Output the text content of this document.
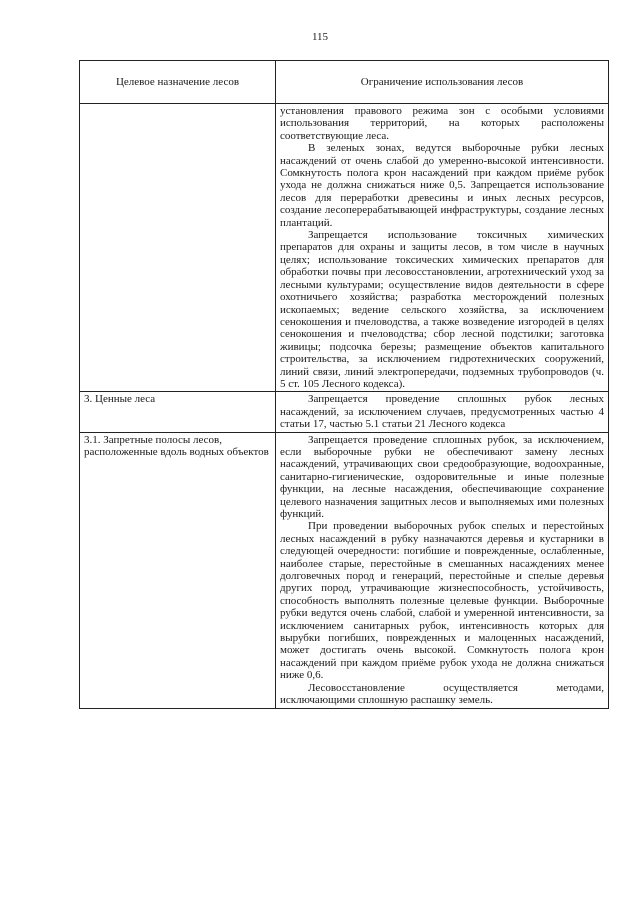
115
Целевое назначение лесов	Ограничение использования лесов

	установления правового режима зон с особыми условиями использования территорий, на которых расположены соответствующие леса.

В зеленых зонах, ведутся выборочные рубки лесных насаждений от очень слабой до умеренно-высокой интенсивности. Сомкнутость полога крон насаждений при каждом приёме рубок ухода не должна снижаться ниже 0,5. Запрещается использование лесов для переработки древесины и иных лесных ресурсов, создание лесоперерабатывающей инфраструктуры, создание лесных плантаций.

Запрещается использование токсичных химических препаратов для охраны и защиты лесов, в том числе в научных целях; использование токсических химических препаратов для обработки почвы при лесовосстановлении, агротехнический уход за лесными культурами; осуществление видов деятельности в сфере охотничьего хозяйства; разработка месторождений полезных ископаемых; ведение сельского хозяйства, за исключением сенокошения и пчеловодства, а также возведение изгородей в целях сенокошения и пчеловодства; сбор лесной подстилки; заготовка живицы; подсочка березы; размещение объектов капитального строительства, за исключением гидротехнических сооружений, линий связи, линий электропередачи, подземных трубопроводов (ч. 5 ст. 105 Лесного кодекса).

3. Ценные леса	Запрещается проведение сплошных рубок лесных насаждений, за исключением случаев, предусмотренных частью 4 статьи 17, частью 5.1 статьи 21 Лесного кодекса

3.1. Запретные полосы лесов, расположенные вдоль водных объектов	Запрещается проведение сплошных рубок, за исключением, если выборочные рубки не обеспечивают замену лесных насаждений, утрачивающих свои средообразующие, водоохранные, санитарно-гигиенические, оздоровительные и иные полезные функции, на лесные насаждения, обеспечивающие сохранение целевого назначения защитных лесов и выполняемых ими полезных функций.

При проведении выборочных рубок спелых и перестойных лесных насаждений в рубку назначаются деревья и кустарники в следующей очередности: погибшие и поврежденные, ослабленные, наиболее старые, перестойные в смешанных насаждениях менее долговечных пород и генераций, перестойные и спелые деревья других пород, утрачивающие жизнеспособность, устойчивость, способность выполнять полезные целевые функции. Выборочные рубки ведутся очень слабой, слабой и умеренной интенсивности, за исключением санитарных рубок, интенсивность которых для вырубки погибших, поврежденных и малоценных насаждений, может достигать очень высокой. Сомкнутость полога крон насаждений при каждом приёме рубок ухода не должна снижаться ниже 0,6.

Лесовосстановление осуществляется методами, исключающими сплошную распашку земель.
